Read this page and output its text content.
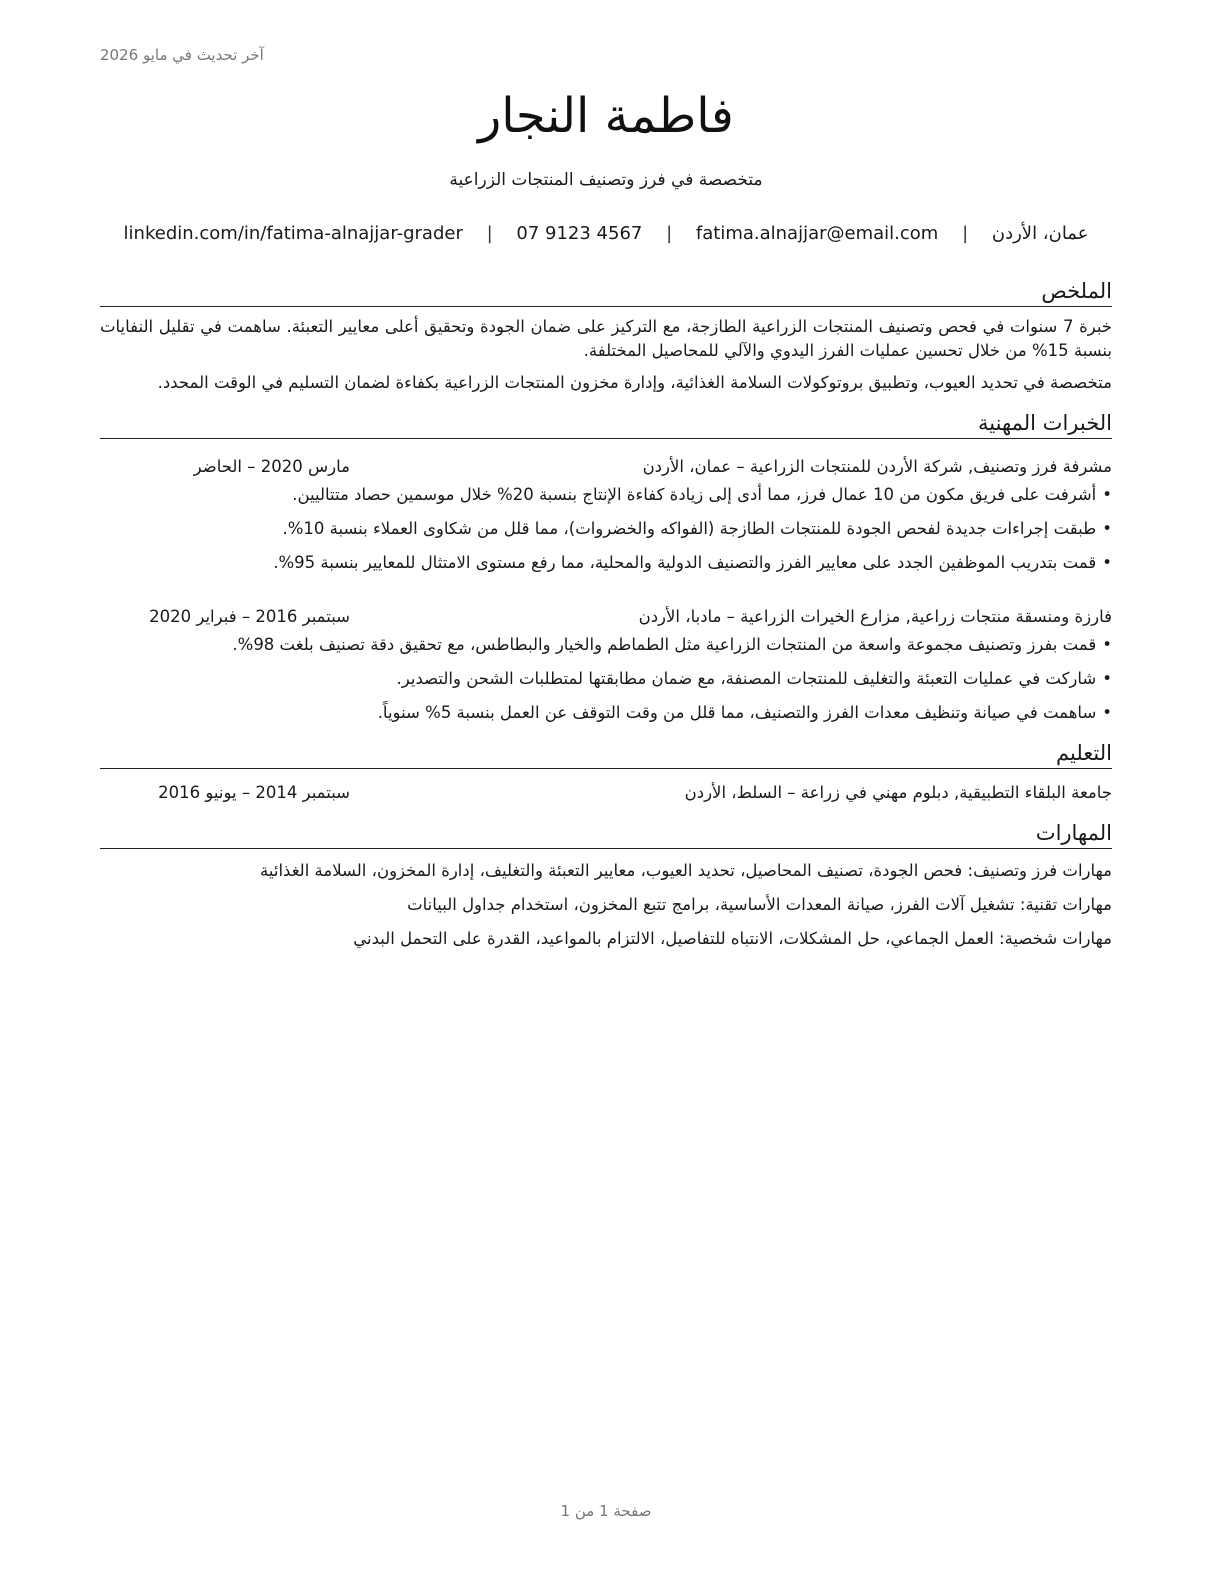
آخر تحديث في مايو 2026
فاطمة النجار
متخصصة في فرز وتصنيف المنتجات الزراعية
عمان، الأردن | fatima.alnajjar@email.com | 07 9123 4567 | linkedin.com/in/fatima-alnajjar-grader
الملخص

خبرة 7 سنوات في فحص وتصنيف المنتجات الزراعية الطازجة، مع التركيز على ضمان الجودة وتحقيق أعلى معايير التعبئة. ساهمت في تقليل النفايات بنسبة 15% من خلال تحسين عمليات الفرز اليدوي والآلي للمحاصيل المختلفة.

متخصصة في تحديد العيوب، وتطبيق بروتوكولات السلامة الغذائية، وإدارة مخزون المنتجات الزراعية بكفاءة لضمان التسليم في الوقت المحدد.

الخبرات المهنية
مشرفة فرز وتصنيف, شركة الأردن للمنتجات الزراعية – عمان، الأردن
مارس 2020 – الحاضر
• أشرفت على فريق مكون من 10 عمال فرز، مما أدى إلى زيادة كفاءة الإنتاج بنسبة 20% خلال موسمين حصاد متتاليين.
• طبقت إجراءات جديدة لفحص الجودة للمنتجات الطازجة (الفواكه والخضروات)، مما قلل من شكاوى العملاء بنسبة 10%.
• قمت بتدريب الموظفين الجدد على معايير الفرز والتصنيف الدولية والمحلية، مما رفع مستوى الامتثال للمعايير بنسبة 95%.
فارزة ومنسقة منتجات زراعية, مزارع الخيرات الزراعية – مادبا، الأردن
سبتمبر 2016 – فبراير 2020
• قمت بفرز وتصنيف مجموعة واسعة من المنتجات الزراعية مثل الطماطم والخيار والبطاطس، مع تحقيق دقة تصنيف بلغت 98%.
• شاركت في عمليات التعبئة والتغليف للمنتجات المصنفة، مع ضمان مطابقتها لمتطلبات الشحن والتصدير.
• ساهمت في صيانة وتنظيف معدات الفرز والتصنيف، مما قلل من وقت التوقف عن العمل بنسبة 5% سنوياً.
التعليم
جامعة البلقاء التطبيقية, دبلوم مهني في زراعة – السلط، الأردن
سبتمبر 2014 – يونيو 2016
المهارات

مهارات فرز وتصنيف: فحص الجودة، تصنيف المحاصيل، تحديد العيوب، معايير التعبئة والتغليف، إدارة المخزون، السلامة الغذائية

مهارات تقنية: تشغيل آلات الفرز، صيانة المعدات الأساسية، برامج تتبع المخزون، استخدام جداول البيانات

مهارات شخصية: العمل الجماعي، حل المشكلات، الانتباه للتفاصيل، الالتزام بالمواعيد، القدرة على التحمل البدني

صفحة 1 من 1
